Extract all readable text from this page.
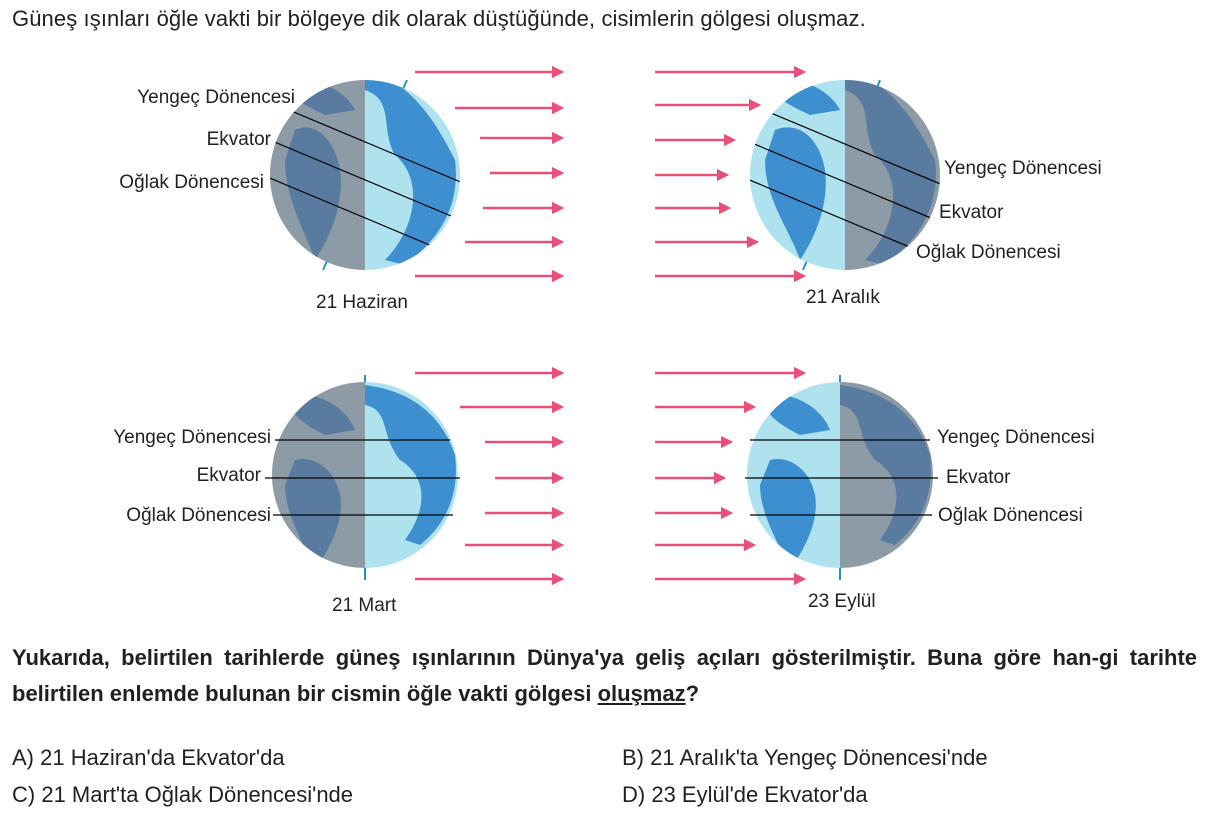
Güneş ışınları öğle vakti bir bölgeye dik olarak düştüğünde, cisimlerin gölgesi oluşmaz.
Yengeç Dönencesi
Ekvator
Oğlak Dönencesi
21 Haziran
Yengeç Dönencesi
Ekvator
Oğlak Dönencesi
21 Aralık
Yengeç Dönencesi
Ekvator
Oğlak Dönencesi
21 Mart
Yengeç Dönencesi
Ekvator
Oğlak Dönencesi
23 Eylül
Yukarıda, belirtilen tarihlerde güneş ışınlarının Dünya'ya geliş açıları gösterilmiştir. Buna göre han-gi tarihte belirtilen enlemde bulunan bir cismin öğle vakti gölgesi oluşmaz?
A) 21 Haziran'da Ekvator'da	B) 21 Aralık'ta Yengeç Dönencesi'nde
C) 21 Mart'ta Oğlak Dönencesi'nde	D) 23 Eylül'de Ekvator'da
